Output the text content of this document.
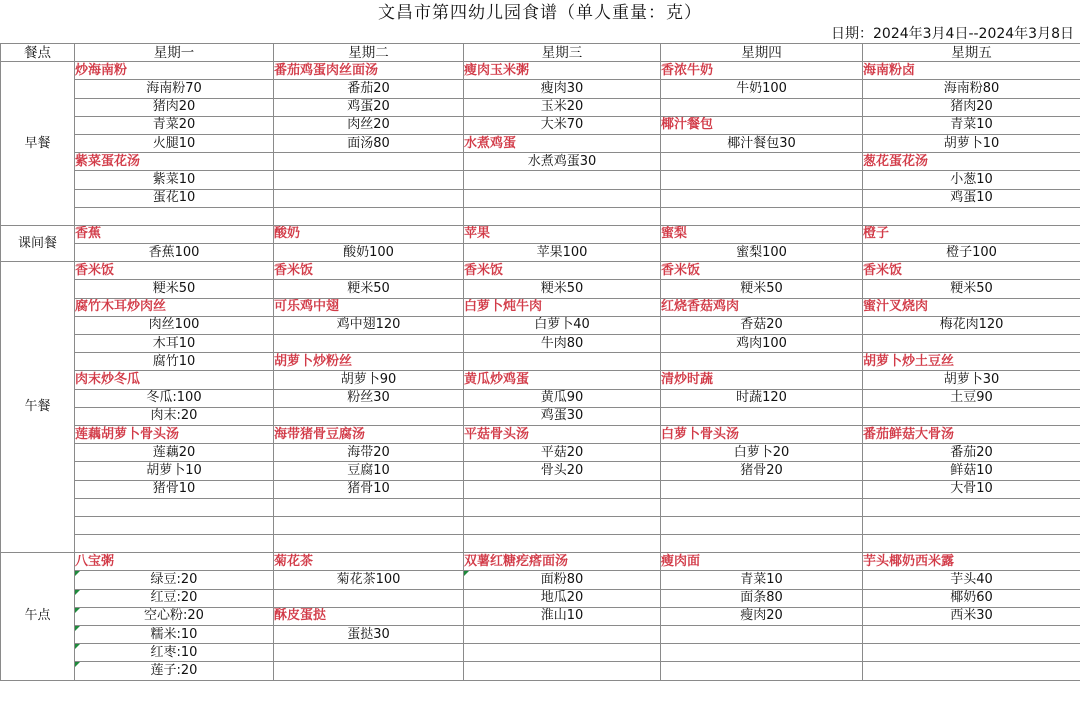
文昌市第四幼儿园食谱（单人重量：克）
日期：2024年3月4日--2024年3月8日
餐点	星期一	星期二	星期三	星期四	星期五
早餐	炒海南粉	番茄鸡蛋肉丝面汤	瘦肉玉米粥	香浓牛奶	海南粉卤
	海南粉70	番茄20	瘦肉30	牛奶100	海南粉80
	猪肉20	鸡蛋20	玉米20		猪肉20
	青菜20	肉丝20	大米70	椰汁餐包	青菜10
	火腿10	面汤80	水煮鸡蛋	椰汁餐包30	胡萝卜10
	紫菜蛋花汤		水煮鸡蛋30		葱花蛋花汤
	紫菜10				小葱10
	蛋花10				鸡蛋10

课间餐	香蕉	酸奶	苹果	蜜梨	橙子
	香蕉100	酸奶100	苹果100	蜜梨100	橙子100
午餐	香米饭	香米饭	香米饭	香米饭	香米饭
	粳米50	粳米50	粳米50	粳米50	粳米50
	腐竹木耳炒肉丝	可乐鸡中翅	白萝卜炖牛肉	红烧香菇鸡肉	蜜汁叉烧肉
	肉丝100	鸡中翅120	白萝卜40	香菇20	梅花肉120
	木耳10		牛肉80	鸡肉100	
	腐竹10	胡萝卜炒粉丝			胡萝卜炒土豆丝
	肉末炒冬瓜	胡萝卜90	黄瓜炒鸡蛋	清炒时蔬	胡萝卜30
	冬瓜:100	粉丝30	黄瓜90	时蔬120	土豆90
	肉末:20		鸡蛋30		
	莲藕胡萝卜骨头汤	海带猪骨豆腐汤	平菇骨头汤	白萝卜骨头汤	番茄鲜菇大骨汤
	莲藕20	海带20	平菇20	白萝卜20	番茄20
	胡萝卜10	豆腐10	骨头20	猪骨20	鲜菇10
	猪骨10	猪骨10			大骨10

午点	八宝粥	菊花茶	双薯红糖疙瘩面汤	瘦肉面	芋头椰奶西米露
	绿豆:20	菊花茶100	面粉80	青菜10	芋头40
	红豆:20		地瓜20	面条80	椰奶60
	空心粉:20	酥皮蛋挞	淮山10	瘦肉20	西米30
	糯米:10	蛋挞30			
	红枣:10				
	莲子:20				
